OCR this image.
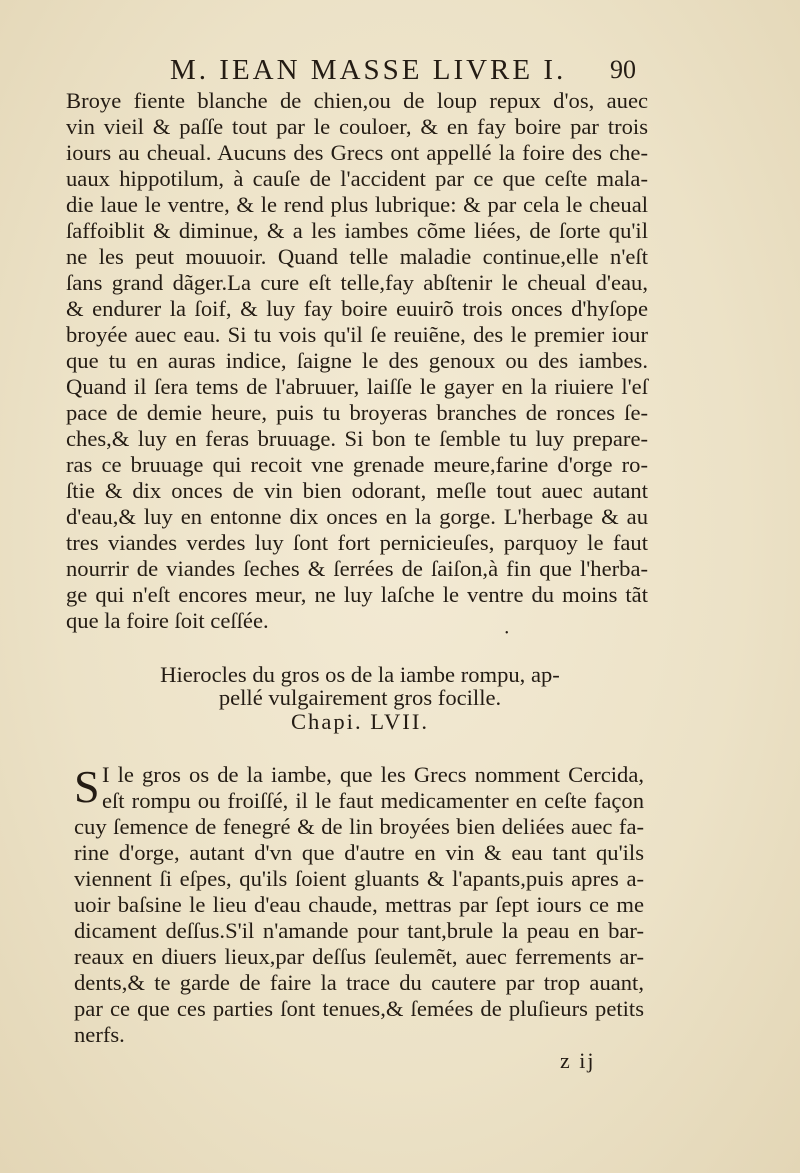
M. IEAN MASSE LIVRE I.	90
Broye fiente blanche de chien,ou de loup repux d'os, auec
vin vieil & paſſe tout par le couloer, & en fay boire par trois
iours au cheual. Aucuns des Grecs ont appellé la foire des che-
uaux hippotilum, à cauſe de l'accident par ce que ceſte mala-
die laue le ventre, & le rend plus lubrique: & par cela le cheual
ſaffoiblit & diminue, & a les iambes cõme liées, de ſorte qu'il
ne les peut mouuoir. Quand telle maladie continue,elle n'eſt
ſans grand dãger.La cure eſt telle,fay abſtenir le cheual d'eau,
& endurer la ſoif, & luy fay boire euuirõ trois onces d'hyſope
broyée auec eau. Si tu vois qu'il ſe reuiẽne, des le premier iour
que tu en auras indice, ſaigne le des genoux ou des iambes.
Quand il ſera tems de l'abruuer, laiſſe le gayer en la riuiere l'eſ
pace de demie heure, puis tu broyeras branches de ronces ſe-
ches,& luy en feras bruuage. Si bon te ſemble tu luy prepare-
ras ce bruuage qui recoit vne grenade meure,farine d'orge ro-
ſtie & dix onces de vin bien odorant, meſle tout auec autant
d'eau,& luy en entonne dix onces en la gorge. L'herbage & au
tres viandes verdes luy ſont fort pernicieuſes, parquoy le faut
nourrir de viandes ſeches & ſerrées de ſaiſon,à fin que l'herba-
ge qui n'eſt encores meur, ne luy laſche le ventre du moins tãt
que la foire ſoit ceſſée.
•
Hierocles du gros os de la iambe rompu, ap-
pellé vulgairement gros focille.
Chapi. LVII.
S I le gros os de la iambe, que les Grecs nomment Cercida,
eſt rompu ou froiſſé, il le faut medicamenter en ceſte façon
cuy ſemence de fenegré & de lin broyées bien deliées auec fa-
rine d'orge, autant d'vn que d'autre en vin & eau tant qu'ils
viennent ſi eſpes, qu'ils ſoient gluants & l'apants,puis apres a-
uoir baſsine le lieu d'eau chaude, mettras par ſept iours ce me
dicament deſſus.S'il n'amande pour tant,brule la peau en bar-
reaux en diuers lieux,par deſſus ſeulemẽt, auec ferrements ar-
dents,& te garde de faire la trace du cautere par trop auant,
par ce que ces parties ſont tenues,& ſemées de pluſieurs petits
nerfs.
z ij
